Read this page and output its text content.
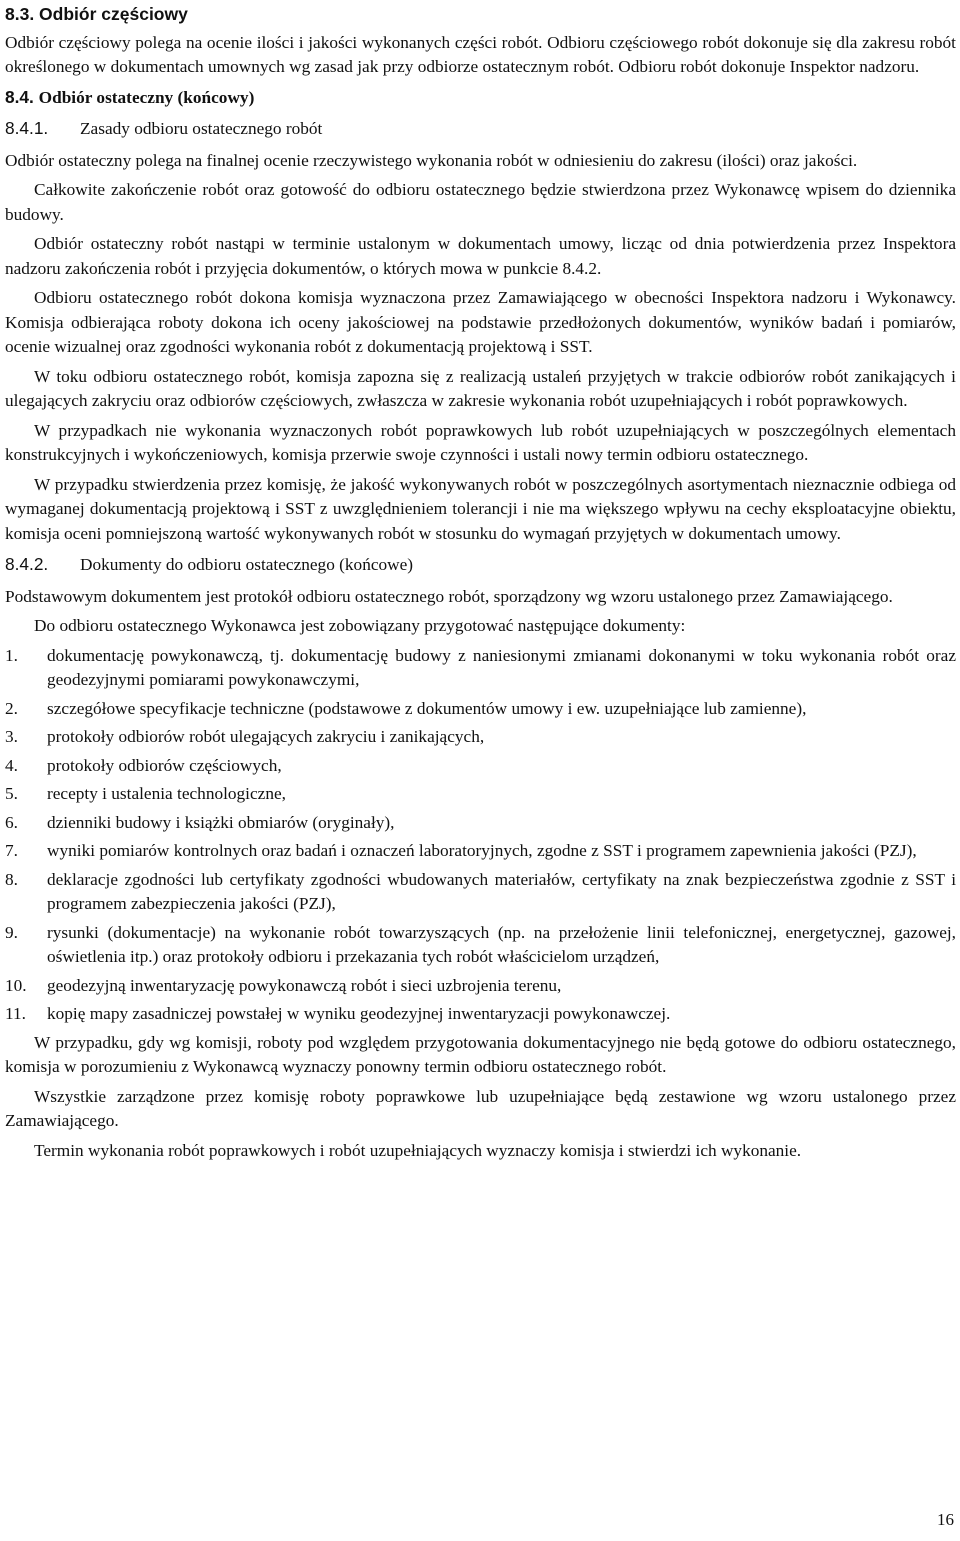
8.3. Odbiór częściowy

Odbiór częściowy polega na ocenie ilości i jakości wykonanych części robót. Odbioru częściowego robót dokonuje się dla zakresu robót określonego w dokumentach umownych wg zasad jak przy odbiorze ostatecznym robót. Odbioru robót dokonuje Inspektor nadzoru.

8.4. Odbiór ostateczny (końcowy)
8.4.1. Zasady odbioru ostatecznego robót

Odbiór ostateczny polega na finalnej ocenie rzeczywistego wykonania robót w odniesieniu do zakresu (ilości) oraz jakości.

Całkowite zakończenie robót oraz gotowość do odbioru ostatecznego będzie stwierdzona przez Wykonawcę wpisem do dziennika budowy.

Odbiór ostateczny robót nastąpi w terminie ustalonym w dokumentach umowy, licząc od dnia potwierdzenia przez Inspektora nadzoru zakończenia robót i przyjęcia dokumentów, o których mowa w punkcie 8.4.2.

Odbioru ostatecznego robót dokona komisja wyznaczona przez Zamawiającego w obecności Inspektora nadzoru i Wykonawcy. Komisja odbierająca roboty dokona ich oceny jakościowej na podstawie przedłożonych dokumentów, wyników badań i pomiarów, ocenie wizualnej oraz zgodności wykonania robót z dokumentacją projektową i SST.

W toku odbioru ostatecznego robót, komisja zapozna się z realizacją ustaleń przyjętych w trakcie odbiorów robót zanikających i ulegających zakryciu oraz odbiorów częściowych, zwłaszcza w zakresie wykonania robót uzupełniających i robót poprawkowych.

W przypadkach nie wykonania wyznaczonych robót poprawkowych lub robót uzupełniających w poszczególnych elementach konstrukcyjnych i wykończeniowych, komisja przerwie swoje czynności i ustali nowy termin odbioru ostatecznego.

W przypadku stwierdzenia przez komisję, że jakość wykonywanych robót w poszczególnych asortymentach nieznacznie odbiega od wymaganej dokumentacją projektową i SST z uwzględnieniem tolerancji i nie ma większego wpływu na cechy eksploatacyjne obiektu, komisja oceni pomniejszoną wartość wykonywanych robót w stosunku do wymagań przyjętych w dokumentach umowy.

8.4.2. Dokumenty do odbioru ostatecznego (końcowe)

Podstawowym dokumentem jest protokół odbioru ostatecznego robót, sporządzony wg wzoru ustalonego przez Zamawiającego.

Do odbioru ostatecznego Wykonawca jest zobowiązany przygotować następujące dokumenty:

1.	dokumentację powykonawczą, tj. dokumentację budowy z naniesionymi zmianami dokonanymi w toku wykonania robót oraz geodezyjnymi pomiarami powykonawczymi,
2.	szczegółowe specyfikacje techniczne (podstawowe z dokumentów umowy i ew. uzupełniające lub zamienne),
3.	protokoły odbiorów robót ulegających zakryciu i zanikających,
4.	protokoły odbiorów częściowych,
5.	recepty i ustalenia technologiczne,
6.	dzienniki budowy i książki obmiarów (oryginały),
7.	wyniki pomiarów kontrolnych oraz badań i oznaczeń laboratoryjnych, zgodne z SST i programem zapewnienia jakości (PZJ),
8.	deklaracje zgodności lub certyfikaty zgodności wbudowanych materiałów, certyfikaty na znak bezpieczeństwa zgodnie z SST i programem zabezpieczenia jakości (PZJ),
9.	rysunki (dokumentacje) na wykonanie robót towarzyszących (np. na przełożenie linii telefonicznej, energetycznej, gazowej, oświetlenia itp.) oraz protokoły odbioru i przekazania tych robót właścicielom urządzeń,
10.	geodezyjną inwentaryzację powykonawczą robót i sieci uzbrojenia terenu,
11.	kopię mapy zasadniczej powstałej w wyniku geodezyjnej inwentaryzacji powykonawczej.

W przypadku, gdy wg komisji, roboty pod względem przygotowania dokumentacyjnego nie będą gotowe do odbioru ostatecznego, komisja w porozumieniu z Wykonawcą wyznaczy ponowny termin odbioru ostatecznego robót.

Wszystkie zarządzone przez komisję roboty poprawkowe lub uzupełniające będą zestawione wg wzoru ustalonego przez Zamawiającego.

Termin wykonania robót poprawkowych i robót uzupełniających wyznaczy komisja i stwierdzi ich wykonanie.

16
